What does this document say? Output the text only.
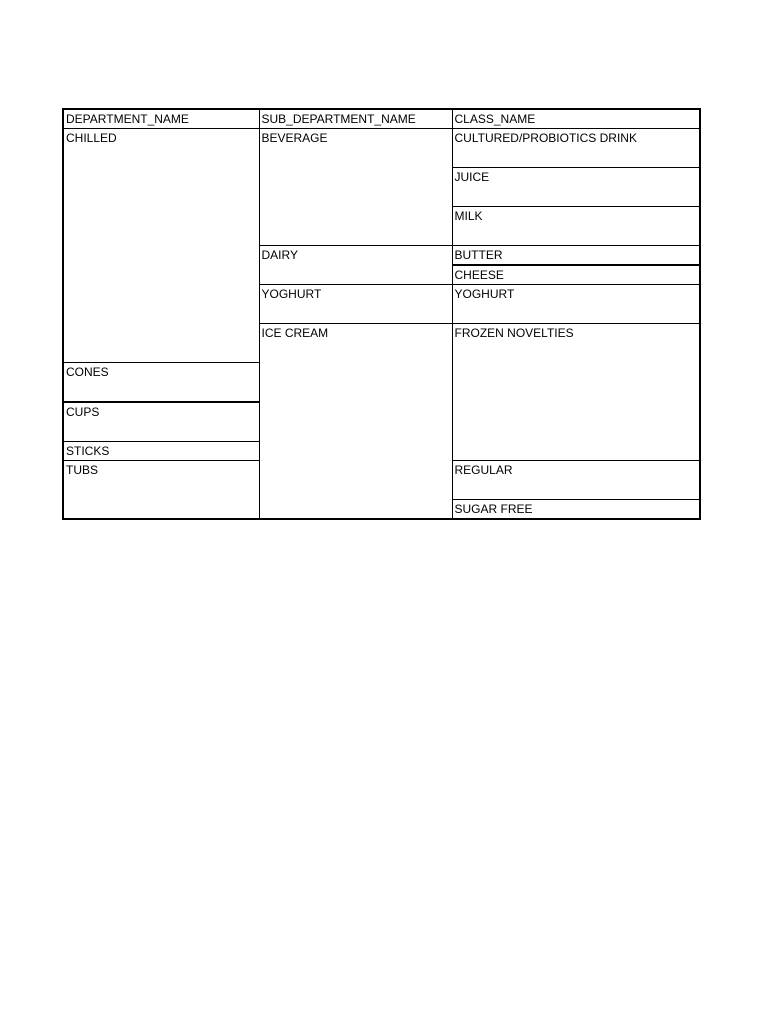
DEPARTMENT_NAME	SUB_DEPARTMENT_NAME	CLASS_NAME	
CHILLED	BEVERAGE	CULTURED/PROBIOTICS DRINK	
		JUICE	
		MILK	
	DAIRY	BUTTER	
		CHEESE	
	YOGHURT	YOGHURT	
	ICE CREAM	FROZEN NOVELTIES	
CONES			
CUPS			
STICKS			
TUBS		REGULAR	
		SUGAR FREE	
